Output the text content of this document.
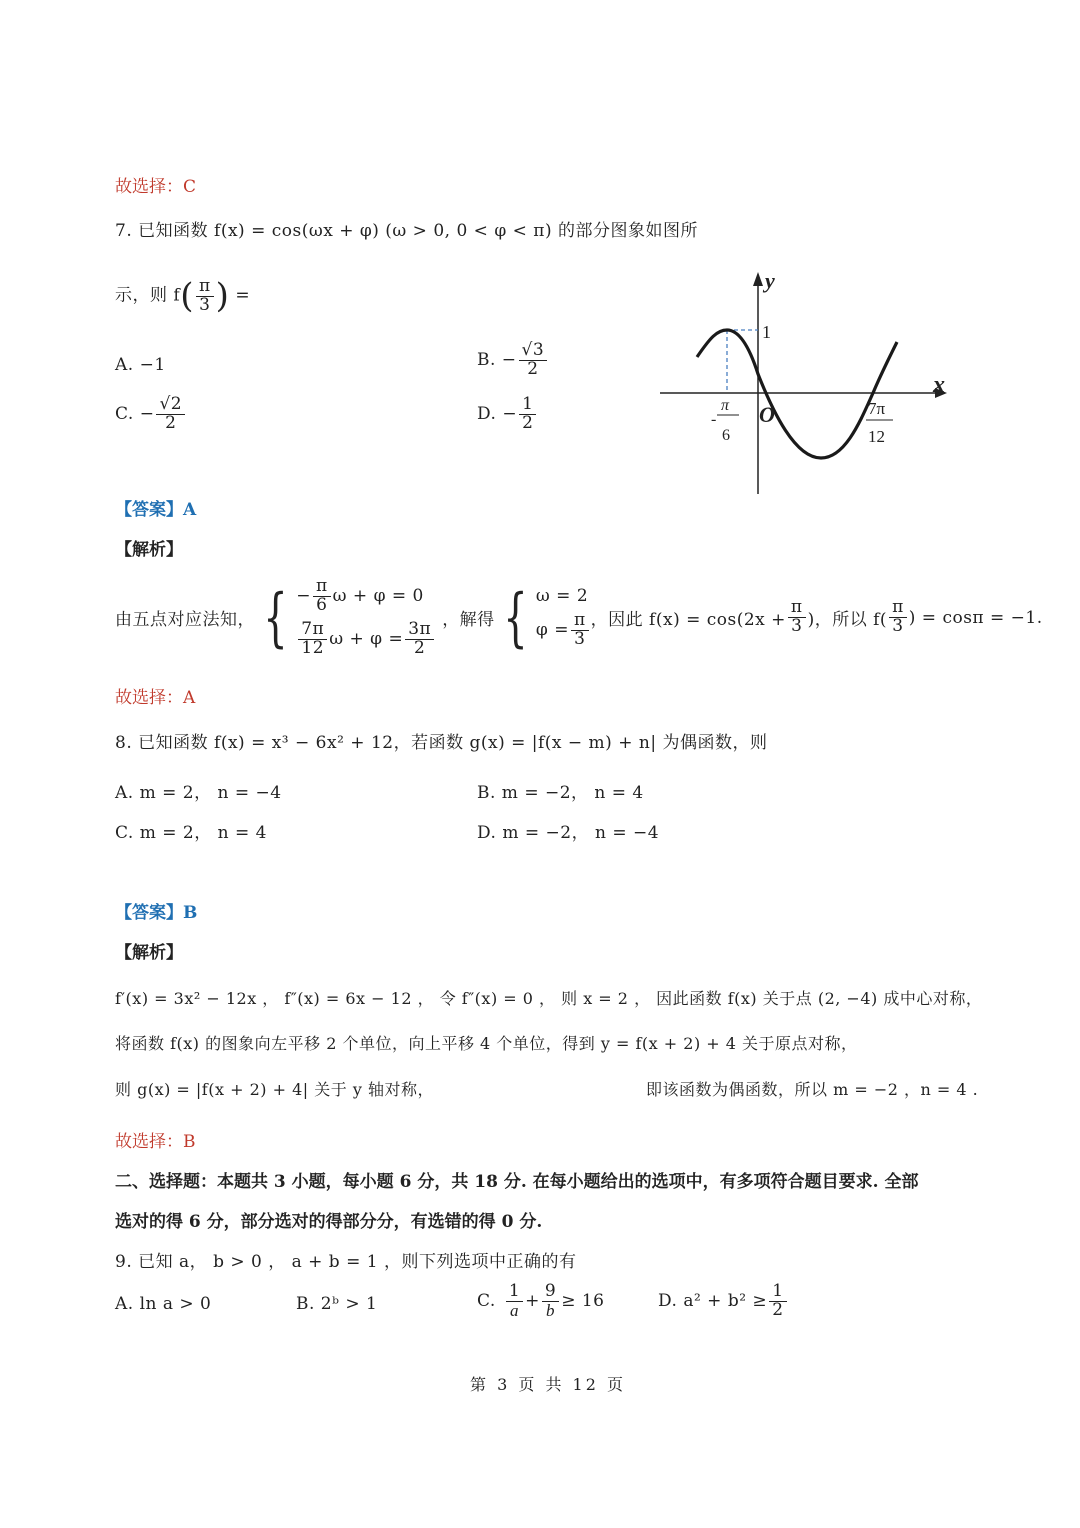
故选择：C
7. 已知函数 f(x) = cos(ωx + φ) (ω > 0, 0 < φ < π) 的部分图象如图所
示，则 $f( \frac{\pi}{3}$ ) =
A. −1	B. − $\frac{√3}{2}$
C. − $\frac{√2}{2}$	D. − $\frac{1}{2}$
y
x
1
O
π
-
6
7π
12
【答案】A
【解析】
由五点对应法知， { − $\frac{\pi}{6}$ ω + φ = 0
$\frac{7\pi}{12}$ $\omega + \varphi = \frac{3\pi}{2}$
，解得 { ω = 2
$\varphi = \frac{\pi}{3}$ ，因此 $f(x) = \cos(2x + \frac{\pi}{3}$ )，所以 $f( \frac{\pi}{3}$ ) = cosπ = −1.
故选择：A
8. 已知函数 f(x) = x³ − 6x² + 12，若函数 g(x) = |f(x − m) + n| 为偶函数，则
A. m = 2， n = −4	B. m = −2， n = 4
C. m = 2， n = 4	D. m = −2， n = −4
【答案】B
【解析】
f′(x) = 3x² − 12x ， f″(x) = 6x − 12 ， 令 f″(x) = 0 ， 则 x = 2 ， 因此函数 f(x) 关于点 (2, −4) 成中心对称，
将函数 f(x) 的图象向左平移 2 个单位，向上平移 4 个单位，得到 y = f(x + 2) + 4 关于原点对称，
则 g(x) = |f(x + 2) + 4| 关于 y 轴对称，	即该函数为偶函数，所以 m = −2 ，n = 4 .
故选择：B
二、选择题：本题共 3 小题，每小题 6 分，共 18 分. 在每小题给出的选项中，有多项符合题目要求. 全部
选对的得 6 分，部分选对的得部分分，有选错的得 0 分.
9. 已知 a， b > 0 ， a + b = 1 ，则下列选项中正确的有
A. ln a > 0	B. 2ᵇ > 1	C. $\frac{1}{a} + \frac{9}{b} \ge 16$	D. $a^2 + b^2 \ge \frac{1}{2}$
第 3 页 共 12 页
